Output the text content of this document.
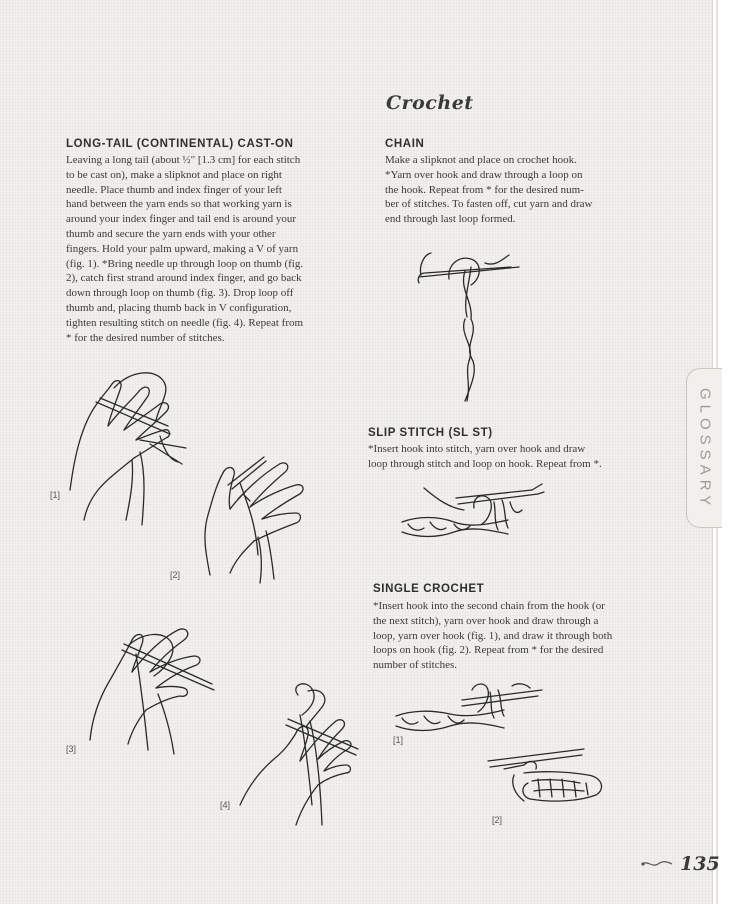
GLOSSARY
Crochet
LONG-TAIL (CONTINENTAL) CAST-ON
Leaving a long tail (about ½" [1.3 cm] for each stitch
to be cast on), make a slipknot and place on right
needle. Place thumb and index finger of your left
hand between the yarn ends so that working yarn is
around your index finger and tail end is around your
thumb and secure the yarn ends with your other
fingers. Hold your palm upward, making a V of yarn
(fig. 1). *Bring needle up through loop on thumb (fig.
2), catch first strand around index finger, and go back
down through loop on thumb (fig. 3). Drop loop off
thumb and, placing thumb back in V configuration,
tighten resulting stitch on needle (fig. 4). Repeat from
* for the desired number of stitches.
[1]
[2]
[3]
[4]
CHAIN
Make a slipknot and place on crochet hook.
*Yarn over hook and draw through a loop on
the hook. Repeat from * for the desired num-
ber of stitches. To fasten off, cut yarn and draw
end through last loop formed.
SLIP STITCH (SL ST)
*Insert hook into stitch, yarn over hook and draw
loop through stitch and loop on hook. Repeat from *.
SINGLE CROCHET
*Insert hook into the second chain from the hook (or
the next stitch), yarn over hook and draw through a
loop, yarn over hook (fig. 1), and draw it through both
loops on hook (fig. 2). Repeat from * for the desired
number of stitches.
[1]
[2]
135
